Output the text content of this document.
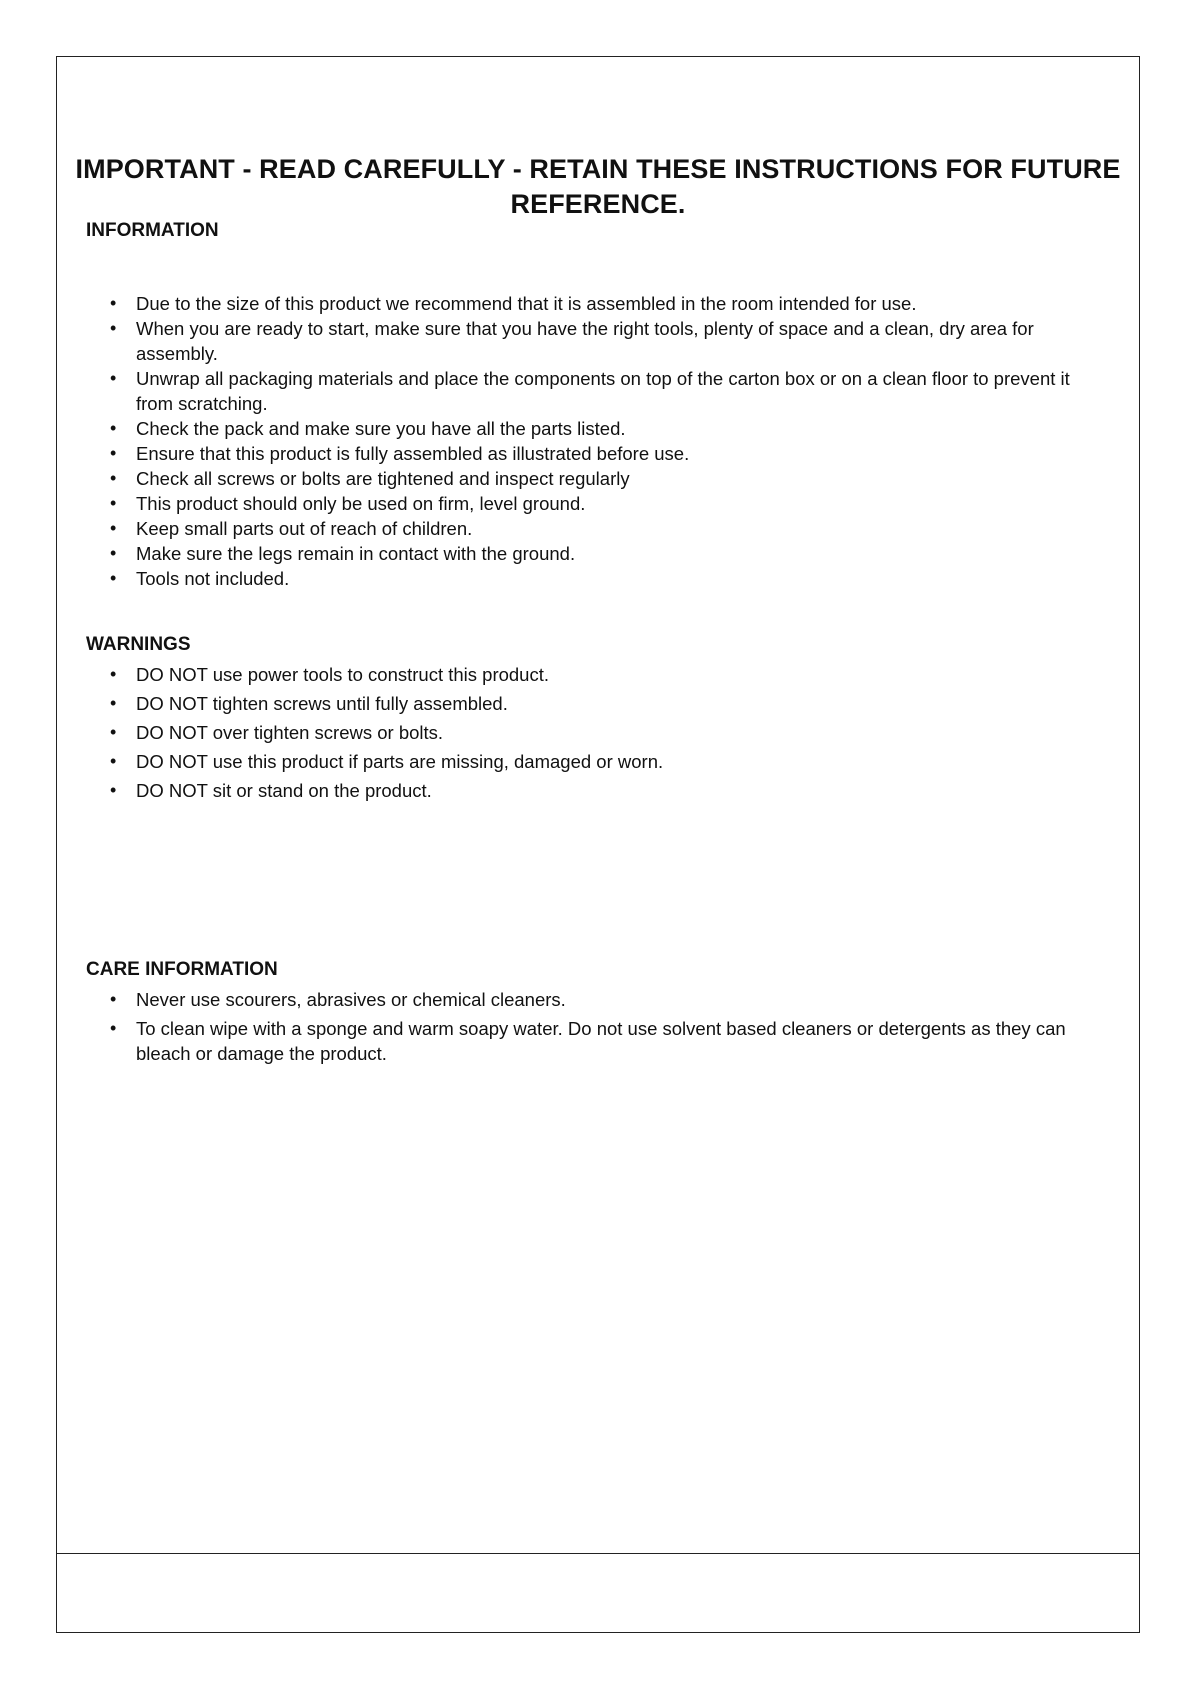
IMPORTANT - READ CAREFULLY - RETAIN THESE INSTRUCTIONS FOR FUTURE REFERENCE.
INFORMATION
• Due to the size of this product we recommend that it is assembled in the room intended for use.
• When you are ready to start, make sure that you have the right tools, plenty of space and a clean, dry area for assembly.
• Unwrap all packaging materials and place the components on top of the carton box or on a clean floor to prevent it from scratching.
• Check the pack and make sure you have all the parts listed.
• Ensure that this product is fully assembled as illustrated before use.
• Check all screws or bolts are tightened and inspect regularly
• This product should only be used on firm, level ground.
• Keep small parts out of reach of children.
• Make sure the legs remain in contact with the ground.
• Tools not included.
WARNINGS
• DO NOT use power tools to construct this product.
• DO NOT tighten screws until fully assembled.
• DO NOT over tighten screws or bolts.
• DO NOT use this product if parts are missing, damaged or worn.
• DO NOT sit or stand on the product.
CARE INFORMATION
• Never use scourers, abrasives or chemical cleaners.
• To clean wipe with a sponge and warm soapy water. Do not use solvent based cleaners or detergents as they can bleach or damage the product.
